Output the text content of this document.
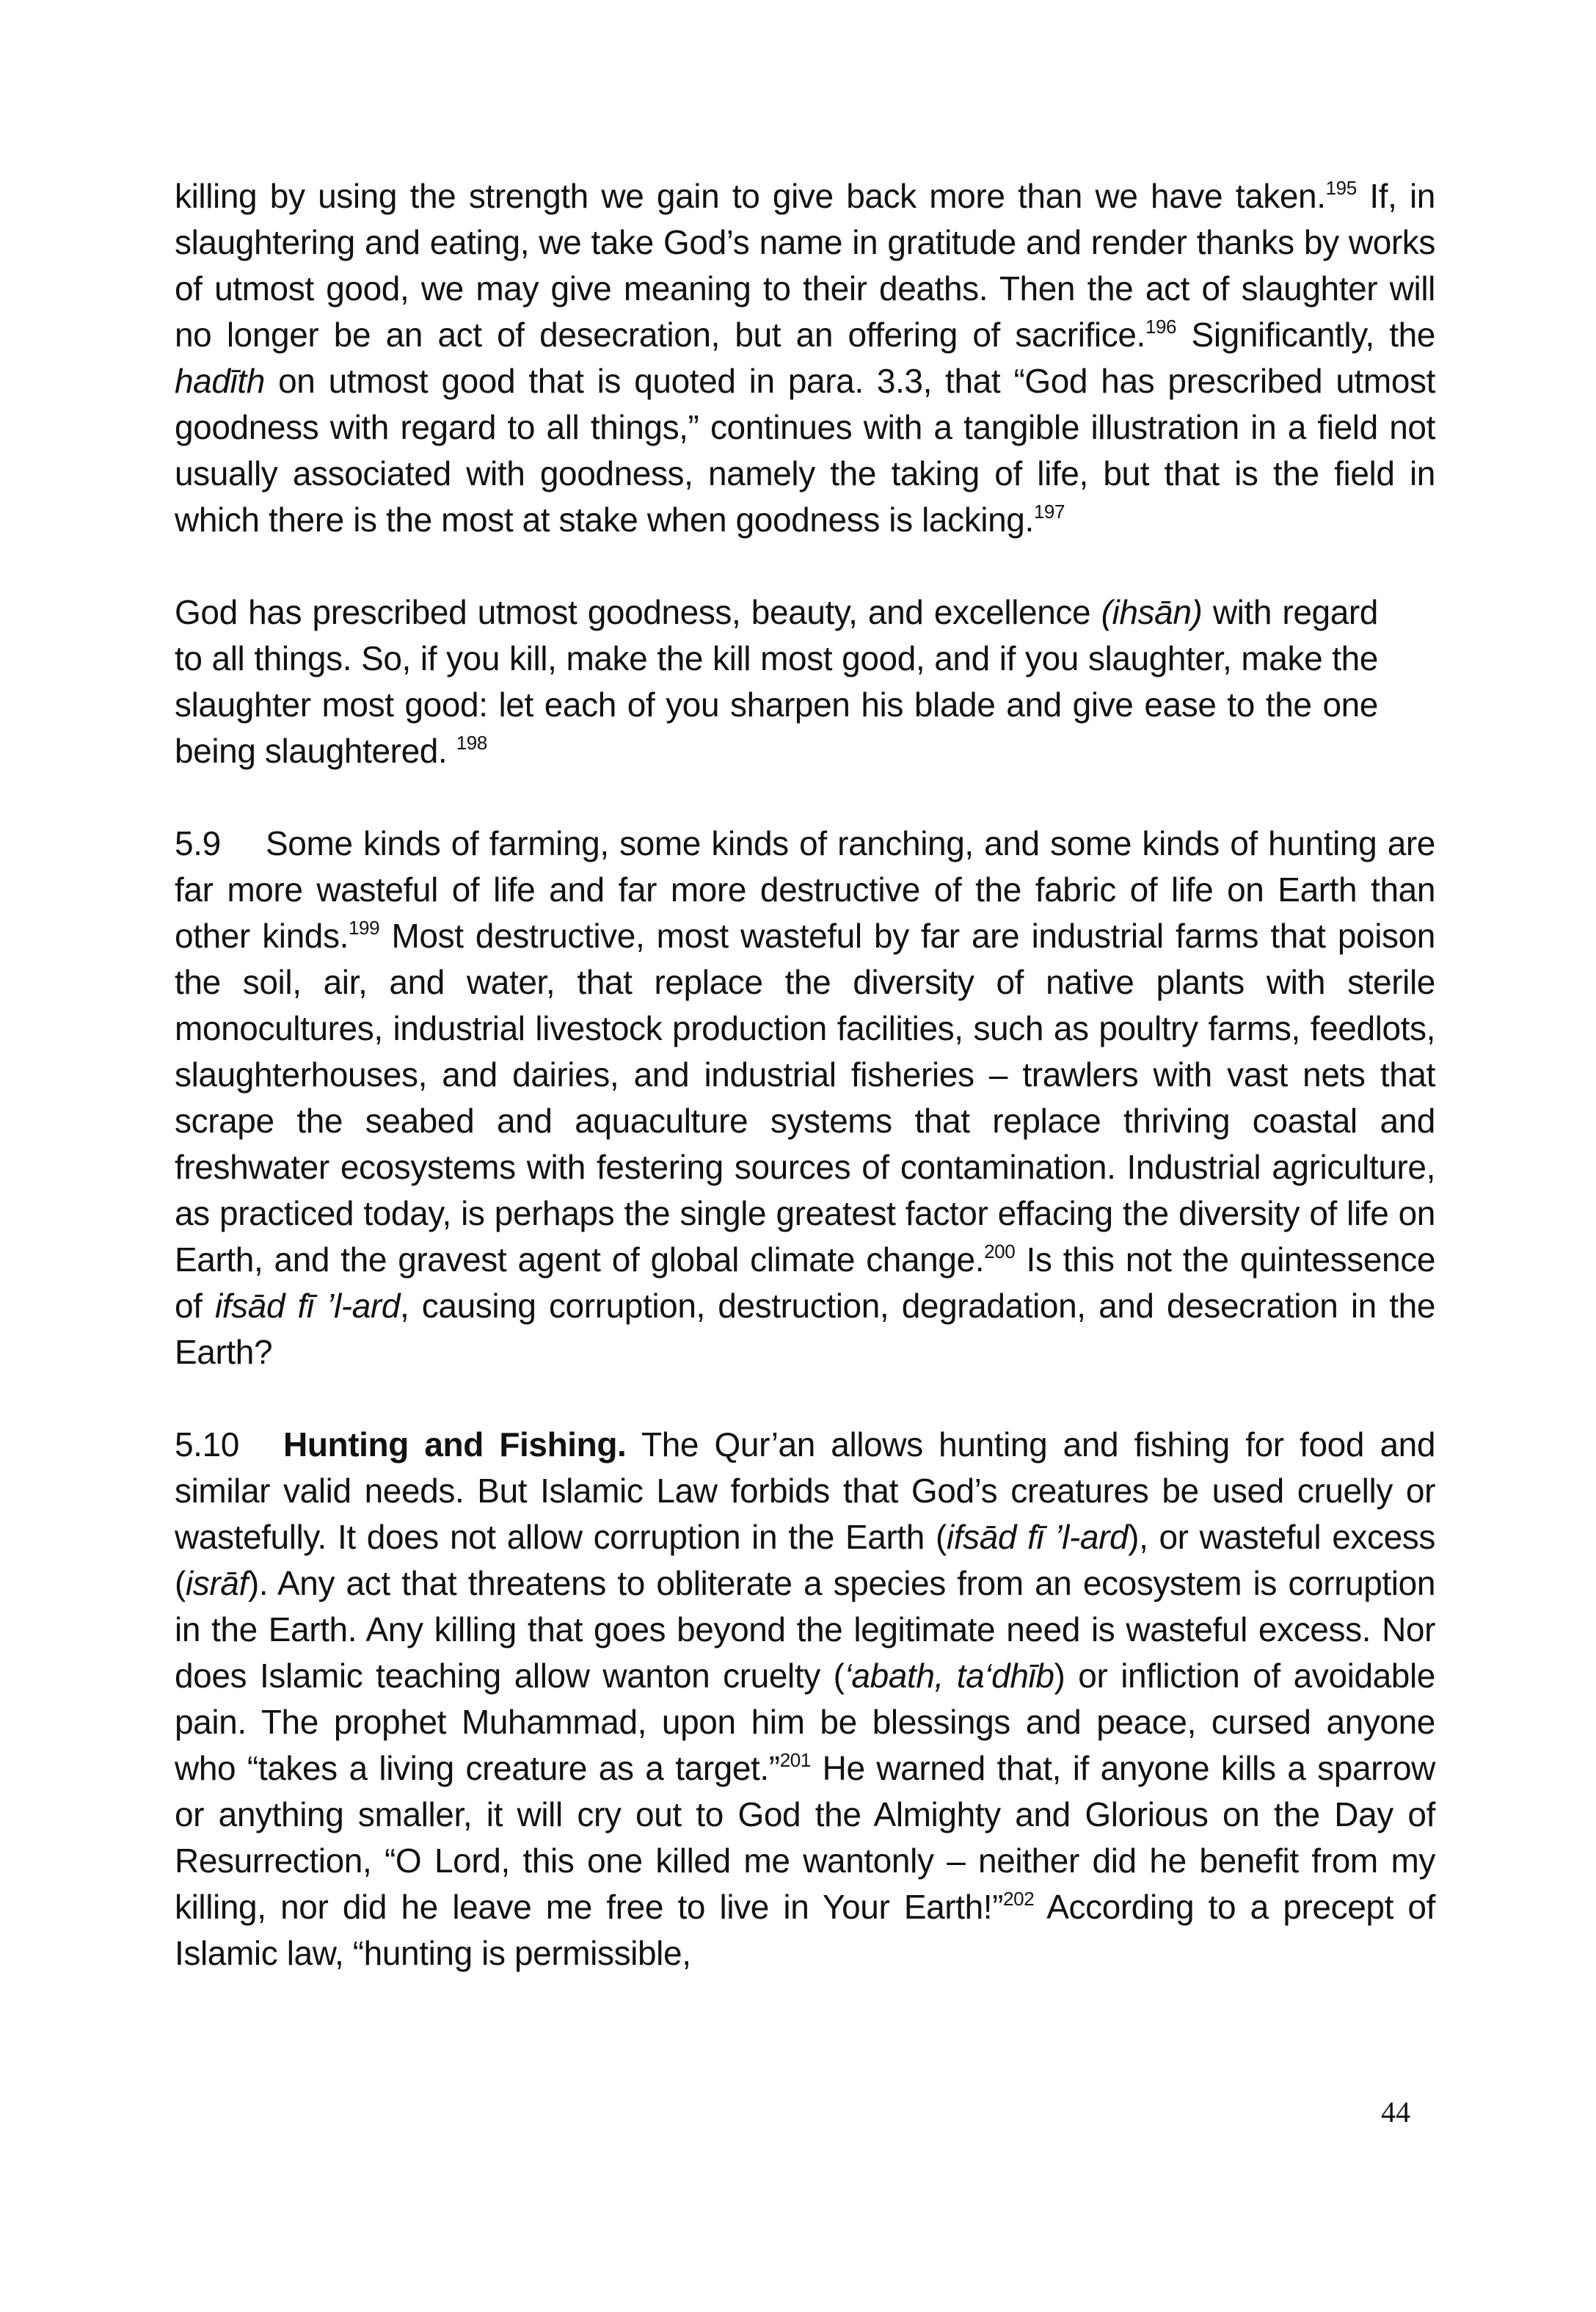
killing by using the strength we gain to give back more than we have taken.$^{195}$ If, in slaughtering and eating, we take God’s name in gratitude and render thanks by works of utmost good, we may give meaning to their deaths. Then the act of slaughter will no longer be an act of desecration, but an offering of sacrifice.$^{196}$ Significantly, the hadīth on utmost good that is quoted in para. 3.3, that “God has prescribed utmost goodness with regard to all things,” continues with a tangible illustration in a field not usually associated with goodness, namely the taking of life, but that is the field in which there is the most at stake when goodness is lacking.$^{197}$

God has prescribed utmost goodness, beauty, and excellence (ihsān) with regard to all things. So, if you kill, make the kill most good, and if you slaughter, make the slaughter most good: let each of you sharpen his blade and give ease to the one being slaughtered. $^{198}$

5.9 Some kinds of farming, some kinds of ranching, and some kinds of hunting are far more wasteful of life and far more destructive of the fabric of life on Earth than other kinds.$^{199}$ Most destructive, most wasteful by far are industrial farms that poison the soil, air, and water, that replace the diversity of native plants with sterile monocultures, industrial livestock production facilities, such as poultry farms, feedlots, slaughterhouses, and dairies, and industrial fisheries – trawlers with vast nets that scrape the seabed and aquaculture systems that replace thriving coastal and freshwater ecosystems with festering sources of contamination. Industrial agriculture, as practiced today, is perhaps the single greatest factor effacing the diversity of life on Earth, and the gravest agent of global climate change.$^{200}$ Is this not the quintessence of ifsād fī ’l-ard, causing corruption, destruction, degradation, and desecration in the Earth?

5.10 Hunting and Fishing. The Qur’an allows hunting and fishing for food and similar valid needs. But Islamic Law forbids that God’s creatures be used cruelly or wastefully. It does not allow corruption in the Earth (ifsād fī ’l-ard), or wasteful excess (isrāf). Any act that threatens to obliterate a species from an ecosystem is corruption in the Earth. Any killing that goes beyond the legitimate need is wasteful excess. Nor does Islamic teaching allow wanton cruelty (‘abath, ta‘dhīb) or infliction of avoidable pain. The prophet Muhammad, upon him be blessings and peace, cursed anyone who “takes a living creature as a target.”$^{201}$ He warned that, if anyone kills a sparrow or anything smaller, it will cry out to God the Almighty and Glorious on the Day of Resurrection, “O Lord, this one killed me wantonly – neither did he benefit from my killing, nor did he leave me free to live in Your Earth!”$^{202}$ According to a precept of Islamic law, “hunting is permissible,

44
